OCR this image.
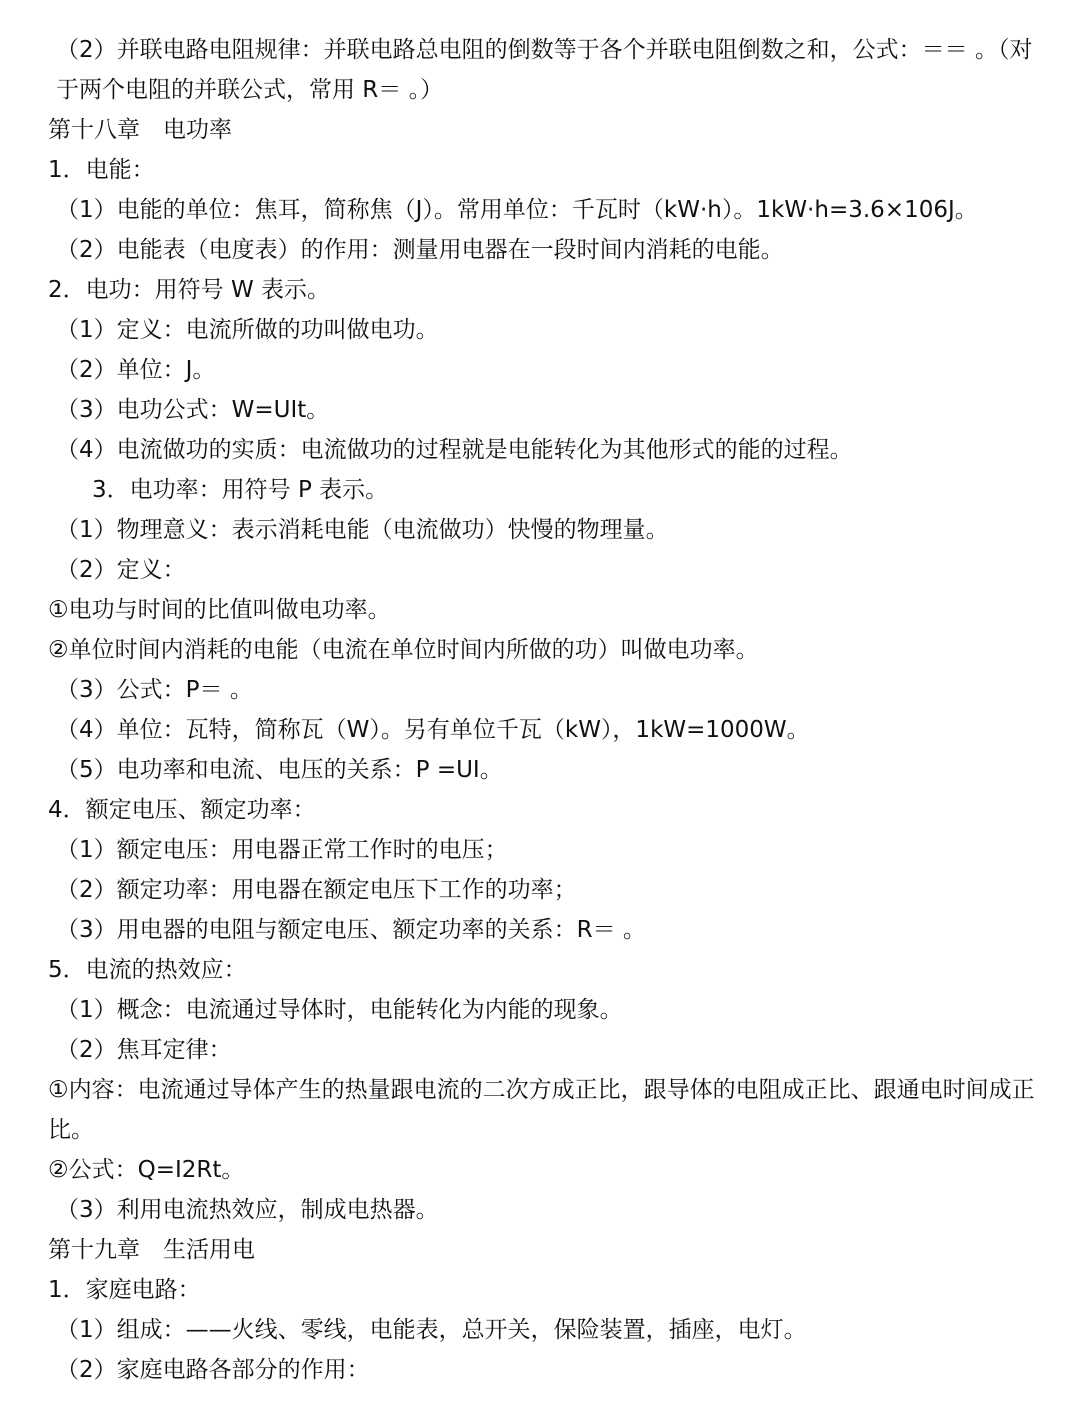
（2）并联电路电阻规律：并联电路总电阻的倒数等于各个并联电阻倒数之和，公式：＝＝ 。（对于两个电阻的并联公式，常用 R＝ 。）

第十八章　电功率

1．电能：

（1）电能的单位：焦耳，简称焦（J）。常用单位：千瓦时（kW·h）。1kW·h=3.6×106J。

（2）电能表（电度表）的作用：测量用电器在一段时间内消耗的电能。

2．电功：用符号 W 表示。

（1）定义：电流所做的功叫做电功。

（2）单位：J。

（3）电功公式：W=UIt。

（4）电流做功的实质：电流做功的过程就是电能转化为其他形式的能的过程。

3．电功率：用符号 P 表示。

（1）物理意义：表示消耗电能（电流做功）快慢的物理量。

（2）定义：

①电功与时间的比值叫做电功率。

②单位时间内消耗的电能（电流在单位时间内所做的功）叫做电功率。

（3）公式：P＝ 。

（4）单位：瓦特，简称瓦（W）。另有单位千瓦（kW），1kW=1000W。

（5）电功率和电流、电压的关系：P =UI。

4．额定电压、额定功率：

（1）额定电压：用电器正常工作时的电压；

（2）额定功率：用电器在额定电压下工作的功率；

（3）用电器的电阻与额定电压、额定功率的关系：R＝ 。

5．电流的热效应：

（1）概念：电流通过导体时，电能转化为内能的现象。

（2）焦耳定律：

①内容：电流通过导体产生的热量跟电流的二次方成正比，跟导体的电阻成正比、跟通电时间成正比。

②公式：Q=I2Rt。

（3）利用电流热效应，制成电热器。

第十九章　生活用电

1．家庭电路：

（1）组成：——火线、零线，电能表，总开关，保险装置，插座，电灯。

（2）家庭电路各部分的作用：
